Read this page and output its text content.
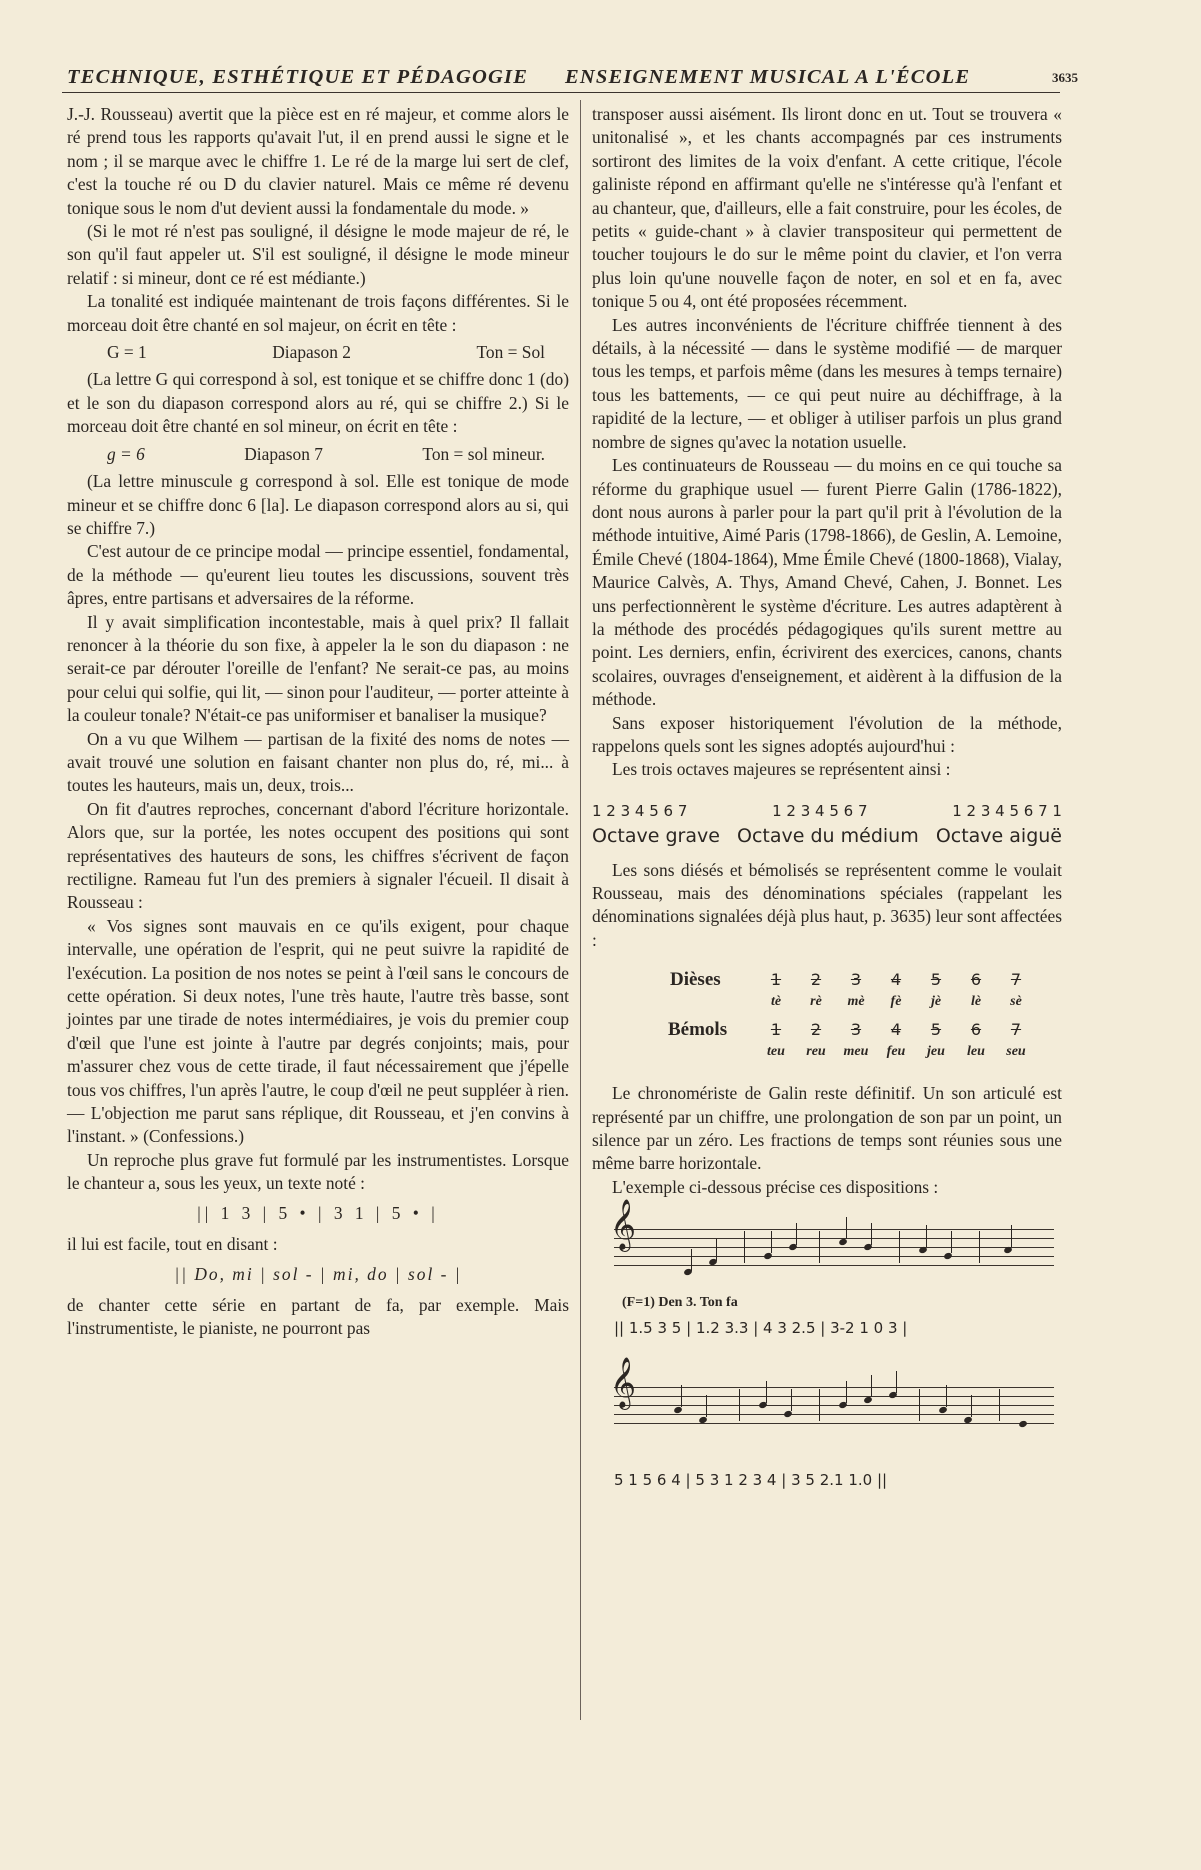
TECHNIQUE, ESTHÉTIQUE ET PÉDAGOGIE ENSEIGNEMENT MUSICAL A L'ÉCOLE	3635

J.-J. Rousseau) avertit que la pièce est en ré majeur, et comme alors le ré prend tous les rapports qu'avait l'ut, il en prend aussi le signe et le nom ; il se marque avec le chiffre 1. Le ré de la marge lui sert de clef, c'est la touche ré ou D du clavier naturel. Mais ce même ré devenu tonique sous le nom d'ut devient aussi la fondamentale du mode. »

(Si le mot ré n'est pas souligné, il désigne le mode majeur de ré, le son qu'il faut appeler ut. S'il est souligné, il désigne le mode mineur relatif : si mineur, dont ce ré est médiante.)

La tonalité est indiquée maintenant de trois façons différentes. Si le morceau doit être chanté en sol majeur, on écrit en tête :

G = 1	Diapason 2	Ton = Sol

(La lettre G qui correspond à sol, est tonique et se chiffre donc 1 (do) et le son du diapason correspond alors au ré, qui se chiffre 2.) Si le morceau doit être chanté en sol mineur, on écrit en tête :

g = 6	Diapason 7	Ton = sol mineur.

(La lettre minuscule g correspond à sol. Elle est tonique de mode mineur et se chiffre donc 6 [la]. Le diapason correspond alors au si, qui se chiffre 7.)

C'est autour de ce principe modal — principe essentiel, fondamental, de la méthode — qu'eurent lieu toutes les discussions, souvent très âpres, entre partisans et adversaires de la réforme.

Il y avait simplification incontestable, mais à quel prix? Il fallait renoncer à la théorie du son fixe, à appeler la le son du diapason : ne serait-ce par dérouter l'oreille de l'enfant? Ne serait-ce pas, au moins pour celui qui solfie, qui lit, — sinon pour l'auditeur, — porter atteinte à la couleur tonale? N'était-ce pas uniformiser et banaliser la musique?

On a vu que Wilhem — partisan de la fixité des noms de notes — avait trouvé une solution en faisant chanter non plus do, ré, mi... à toutes les hauteurs, mais un, deux, trois...

On fit d'autres reproches, concernant d'abord l'écriture horizontale. Alors que, sur la portée, les notes occupent des positions qui sont représentatives des hauteurs de sons, les chiffres s'écrivent de façon rectiligne. Rameau fut l'un des premiers à signaler l'écueil. Il disait à Rousseau :

« Vos signes sont mauvais en ce qu'ils exigent, pour chaque intervalle, une opération de l'esprit, qui ne peut suivre la rapidité de l'exécution. La position de nos notes se peint à l'œil sans le concours de cette opération. Si deux notes, l'une très haute, l'autre très basse, sont jointes par une tirade de notes intermédiaires, je vois du premier coup d'œil que l'une est jointe à l'autre par degrés conjoints; mais, pour m'assurer chez vous de cette tirade, il faut nécessairement que j'épelle tous vos chiffres, l'un après l'autre, le coup d'œil ne peut suppléer à rien. — L'objection me parut sans réplique, dit Rousseau, et j'en convins à l'instant. » (Confessions.)

Un reproche plus grave fut formulé par les instrumentistes. Lorsque le chanteur a, sous les yeux, un texte noté :

|| 1 3 | 5 • | 3 1 | 5 • |

il lui est facile, tout en disant :

|| Do, mi | sol - | mi, do | sol - |

de chanter cette série en partant de fa, par exemple. Mais l'instrumentiste, le pianiste, ne pourront pas

transposer aussi aisément. Ils liront donc en ut. Tout se trouvera « unitonalisé », et les chants accompagnés par ces instruments sortiront des limites de la voix d'enfant. A cette critique, l'école galiniste répond en affirmant qu'elle ne s'intéresse qu'à l'enfant et au chanteur, que, d'ailleurs, elle a fait construire, pour les écoles, de petits « guide-chant » à clavier transpositeur qui permettent de toucher toujours le do sur le même point du clavier, et l'on verra plus loin qu'une nouvelle façon de noter, en sol et en fa, avec tonique 5 ou 4, ont été proposées récemment.

Les autres inconvénients de l'écriture chiffrée tiennent à des détails, à la nécessité — dans le système modifié — de marquer tous les temps, et parfois même (dans les mesures à temps ternaire) tous les battements, — ce qui peut nuire au déchiffrage, à la rapidité de la lecture, — et obliger à utiliser parfois un plus grand nombre de signes qu'avec la notation usuelle.

Les continuateurs de Rousseau — du moins en ce qui touche sa réforme du graphique usuel — furent Pierre Galin (1786-1822), dont nous aurons à parler pour la part qu'il prit à l'évolution de la méthode intuitive, Aimé Paris (1798-1866), de Geslin, A. Lemoine, Émile Chevé (1804-1864), Mme Émile Chevé (1800-1868), Vialay, Maurice Calvès, A. Thys, Amand Chevé, Cahen, J. Bonnet. Les uns perfectionnèrent le système d'écriture. Les autres adaptèrent à la méthode des procédés pédagogiques qu'ils surent mettre au point. Les derniers, enfin, écrivirent des exercices, canons, chants scolaires, ouvrages d'enseignement, et aidèrent à la diffusion de la méthode.

Sans exposer historiquement l'évolution de la méthode, rappelons quels sont les signes adoptés aujourd'hui :

Les trois octaves majeures se représentent ainsi :

1 2 3 4 5 6 7	1 2 3 4 5 6 7	1 2 3 4 5 6 7 1
Octave grave Octave du médium Octave aiguë

Les sons diésés et bémolisés se représentent comme le voulait Rousseau, mais des dénominations spéciales (rappelant les dénominations signalées déjà plus haut, p. 3635) leur sont affectées :

Dièses	1	2	3	4	5	6	7
tè	rè	mè	fè	jè	lè	sè
Bémols	1	2	3	4	5	6	7
teu	reu	meu	feu	jeu	leu	seu

Le chronomériste de Galin reste définitif. Un son articulé est représenté par un chiffre, une prolongation de son par un point, un silence par un zéro. Les fractions de temps sont réunies sous une même barre horizontale.

L'exemple ci-dessous précise ces dispositions :

𝄞
(F=1) Den 3. Ton fa
|| 1.5 3 5 | 1.2 3.3 | 4 3 2.5 | 3-2 1 0 3 |
𝄞
5 1 5 6 4 | 5 3 1 2 3 4 | 3 5 2.1 1.0 ||
